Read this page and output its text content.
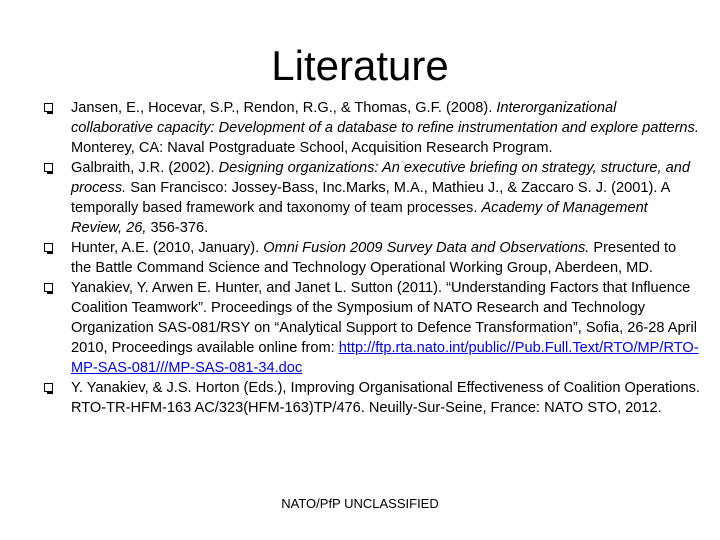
Literature
Jansen, E., Hocevar, S.P., Rendon, R.G., & Thomas, G.F. (2008). Interorganizational collaborative capacity: Development of a database to refine instrumentation and explore patterns. Monterey, CA: Naval Postgraduate School, Acquisition Research Program.
Galbraith, J.R. (2002). Designing organizations: An executive briefing on strategy, structure, and process. San Francisco: Jossey-Bass, Inc.Marks, M.A., Mathieu J., & Zaccaro S. J. (2001). A temporally based framework and taxonomy of team processes. Academy of Management Review, 26, 356-376.
Hunter, A.E. (2010, January). Omni Fusion 2009 Survey Data and Observations. Presented to the Battle Command Science and Technology Operational Working Group, Aberdeen, MD.
Yanakiev, Y. Arwen E. Hunter, and Janet L. Sutton (2011). “Understanding Factors that Influence Coalition Teamwork”. Proceedings of the Symposium of NATO Research and Technology Organization SAS-081/RSY on “Analytical Support to Defence Transformation”, Sofia, 26-28 April 2010, Proceedings available online from: http://ftp.rta.nato.int/public//Pub.Full.Text/RTO/MP/RTO-MP-SAS-081///MP-SAS-081-34.doc
Y. Yanakiev, & J.S. Horton (Eds.), Improving Organisational Effectiveness of Coalition Operations. RTO-TR-HFM-163 AC/323(HFM-163)TP/476. Neuilly-Sur-Seine, France: NATO STO, 2012.
NATO/PfP UNCLASSIFIED
